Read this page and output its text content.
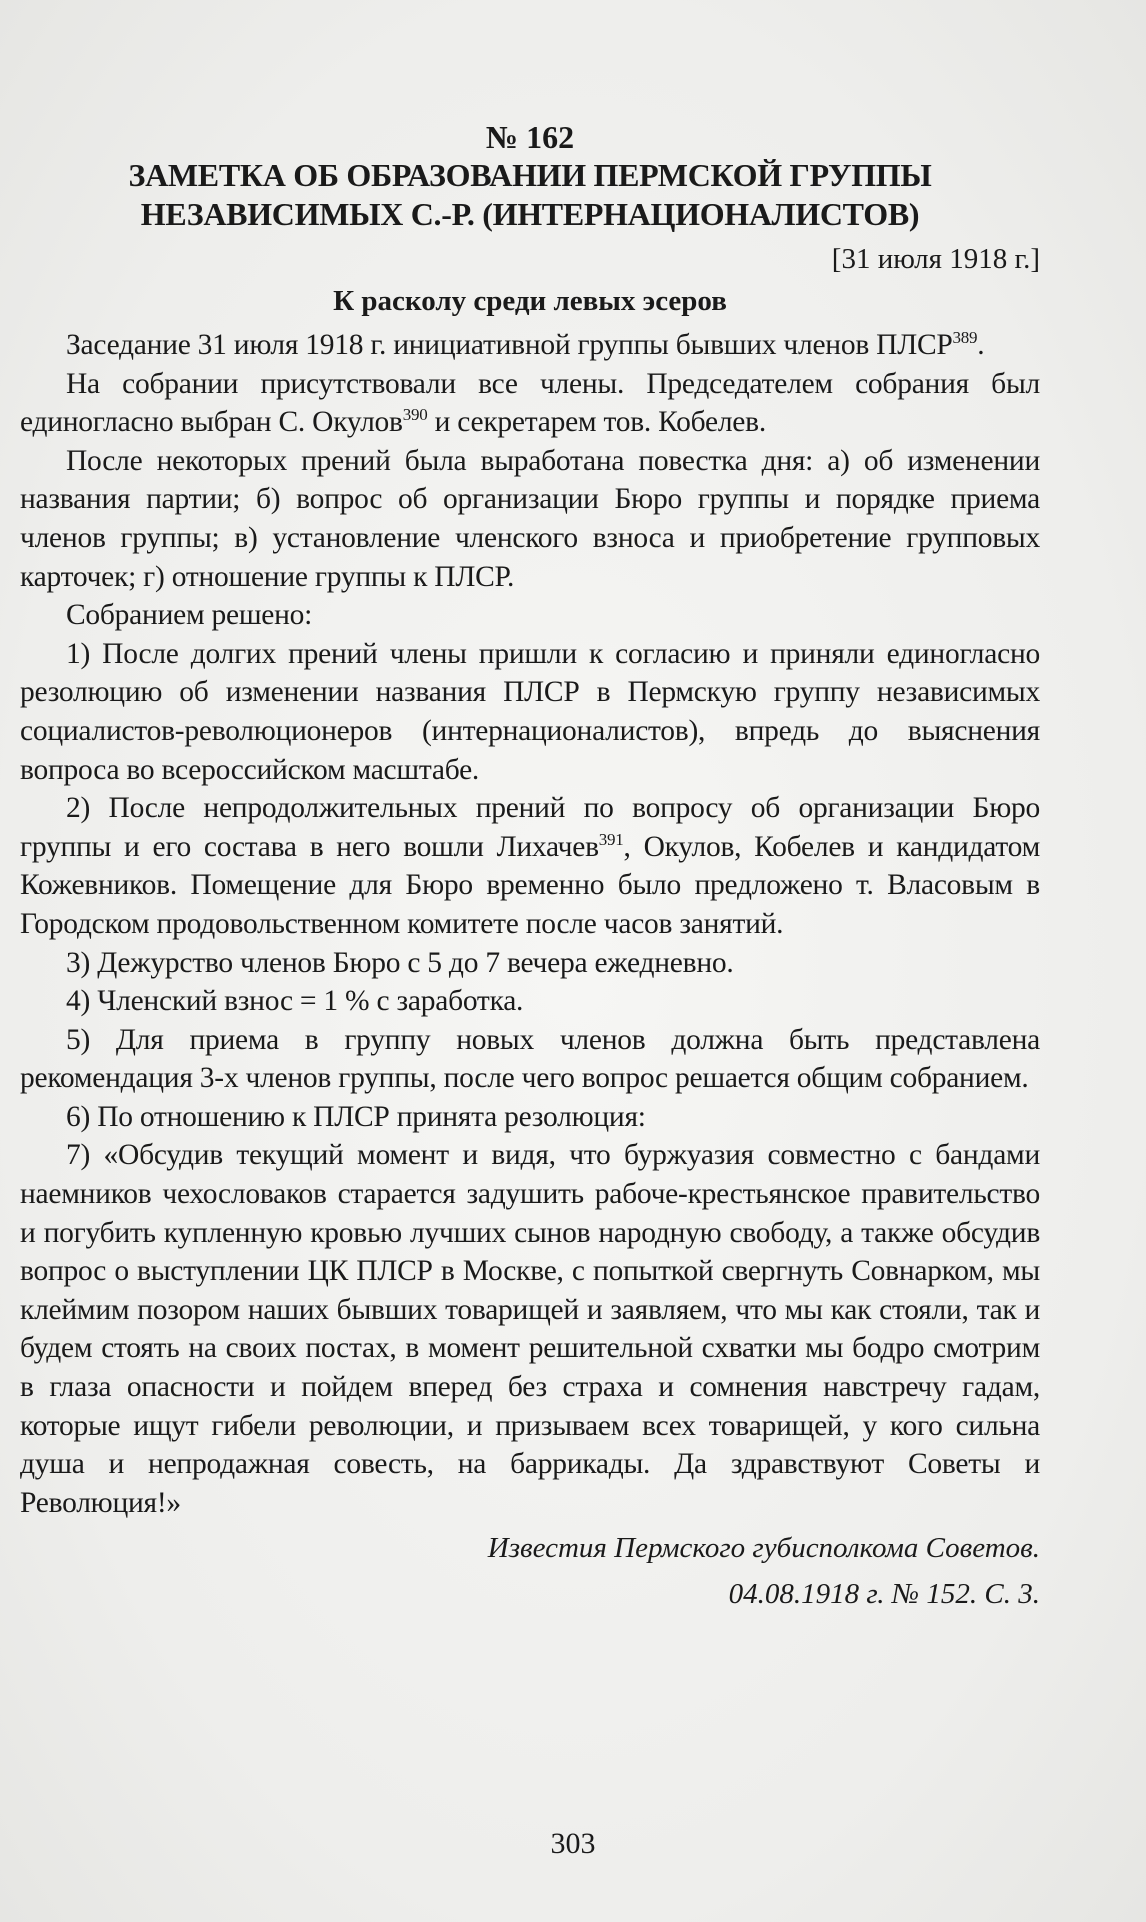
№ 162

ЗАМЕТКА ОБ ОБРАЗОВАНИИ ПЕРМСКОЙ ГРУППЫ

НЕЗАВИСИМЫХ С.-Р. (ИНТЕРНАЦИОНАЛИСТОВ)

[31 июля 1918 г.]

К расколу среди левых эсеров

Заседание 31 июля 1918 г. инициативной группы бывших членов ПЛСР$^{389}$.

На собрании присутствовали все члены. Председателем собрания был единогласно выбран С. Окулов$^{390}$ и секретарем тов. Кобелев.

После некоторых прений была выработана повестка дня: а) об изменении названия партии; б) вопрос об организации Бюро группы и порядке приема членов группы; в) установление членского взноса и приобретение групповых карточек; г) отношение группы к ПЛСР.

Собранием решено:

1) После долгих прений члены пришли к согласию и приняли единогласно резолюцию об изменении названия ПЛСР в Пермскую группу независимых социалистов-революционеров (интернационалистов), впредь до выяснения вопроса во всероссийском масштабе.

2) После непродолжительных прений по вопросу об организации Бюро группы и его состава в него вошли Лихачев$^{391}$, Окулов, Кобелев и кандидатом Кожевников. Помещение для Бюро временно было предложено т. Власовым в Городском продовольственном комитете после часов занятий.

3) Дежурство членов Бюро с 5 до 7 вечера ежедневно.

4) Членский взнос = 1 % с заработка.

5) Для приема в группу новых членов должна быть представлена рекомендация 3-х членов группы, после чего вопрос решается общим собранием.

6) По отношению к ПЛСР принята резолюция:

7) «Обсудив текущий момент и видя, что буржуазия совместно с бандами наемников чехословаков старается задушить рабоче-крестьянское правительство и погубить купленную кровью лучших сынов народную свободу, а также обсудив вопрос о выступлении ЦК ПЛСР в Москве, с попыткой свергнуть Совнарком, мы клеймим позором наших бывших товарищей и заявляем, что мы как стояли, так и будем стоять на своих постах, в момент решительной схватки мы бодро смотрим в глаза опасности и пойдем вперед без страха и сомнения навстречу гадам, которые ищут гибели революции, и призываем всех товарищей, у кого сильна душа и непродажная совесть, на баррикады. Да здравствуют Советы и Революция!»

Известия Пермского губисполкома Советов.

04.08.1918 г. № 152. С. 3.

303
